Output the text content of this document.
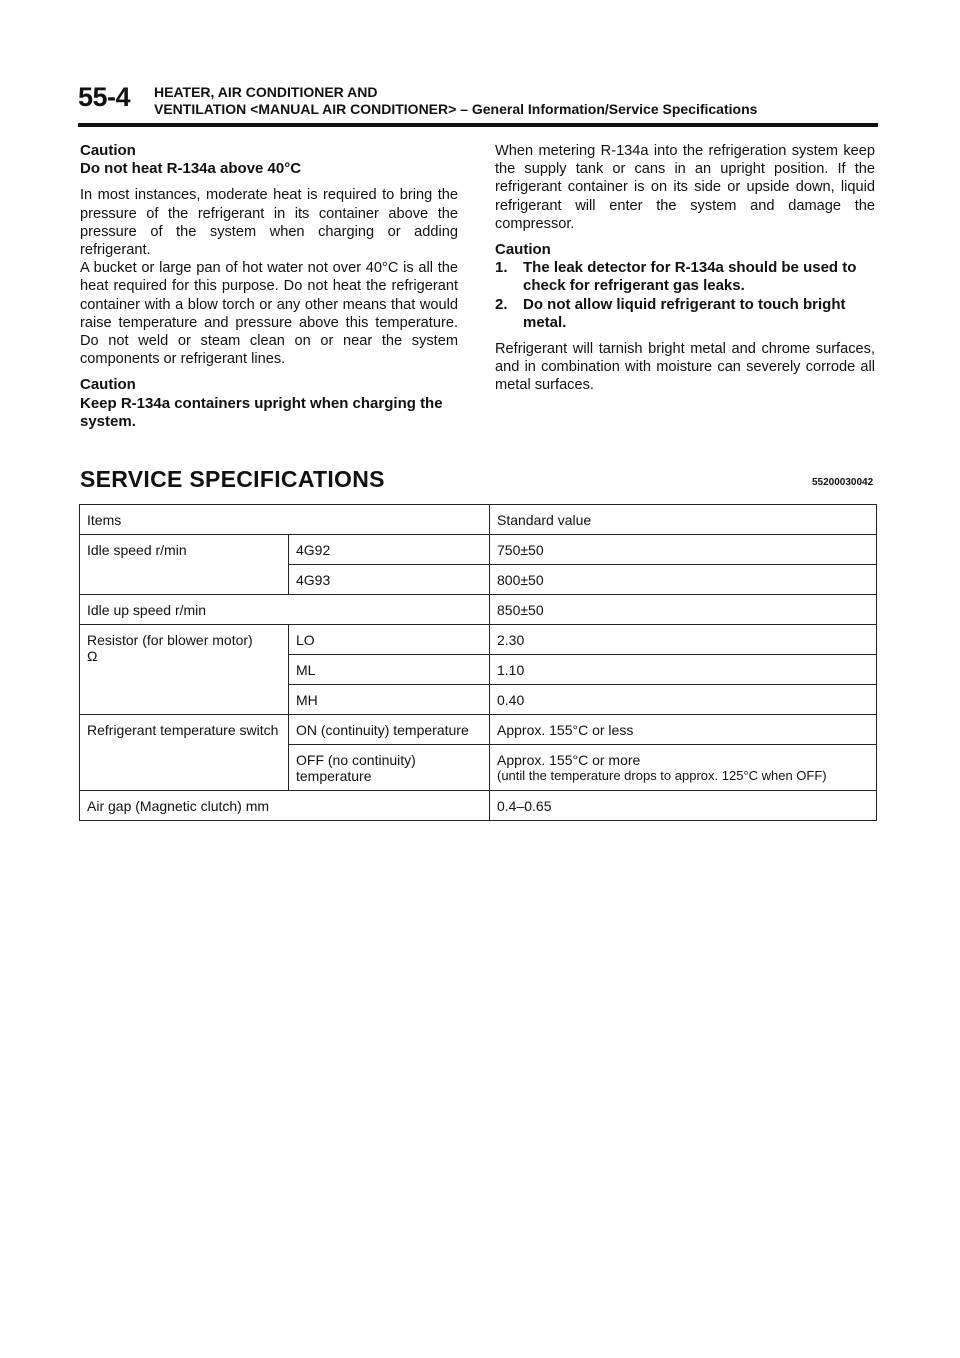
55-4 HEATER, AIR CONDITIONER AND
VENTILATION <MANUAL AIR CONDITIONER> – General Information/Service Specifications
Caution
Do not heat R-134a above 40°C

In most instances, moderate heat is required to bring the pressure of the refrigerant in its container above the pressure of the system when charging or adding refrigerant.

A bucket or large pan of hot water not over 40°C is all the heat required for this purpose. Do not heat the refrigerant container with a blow torch or any other means that would raise temperature and pressure above this temperature. Do not weld or steam clean on or near the system components or refrigerant lines.

Caution
Keep R-134a containers upright when charging the system.

When metering R-134a into the refrigeration system keep the supply tank or cans in an upright position. If the refrigerant container is on its side or upside down, liquid refrigerant will enter the system and damage the compressor.

Caution
1. The leak detector for R-134a should be used to check for refrigerant gas leaks.
2. Do not allow liquid refrigerant to touch bright metal.

Refrigerant will tarnish bright metal and chrome surfaces, and in combination with moisture can severely corrode all metal surfaces.

SERVICE SPECIFICATIONS	55200030042
Items		Standard value
Idle speed r/min	4G92	750±50
	4G93	800±50
Idle up speed r/min		850±50

Resistor (for blower motor)
Ω	LO	2.30
	ML	1.10
	MH	0.40
Refrigerant temperature switch	ON (continuity) temperature	Approx. 155°C or less
	OFF (no continuity) temperature	Approx. 155°C or more
(until the temperature drops to approx. 125°C when OFF)

Air gap (Magnetic clutch) mm		0.4–0.65
